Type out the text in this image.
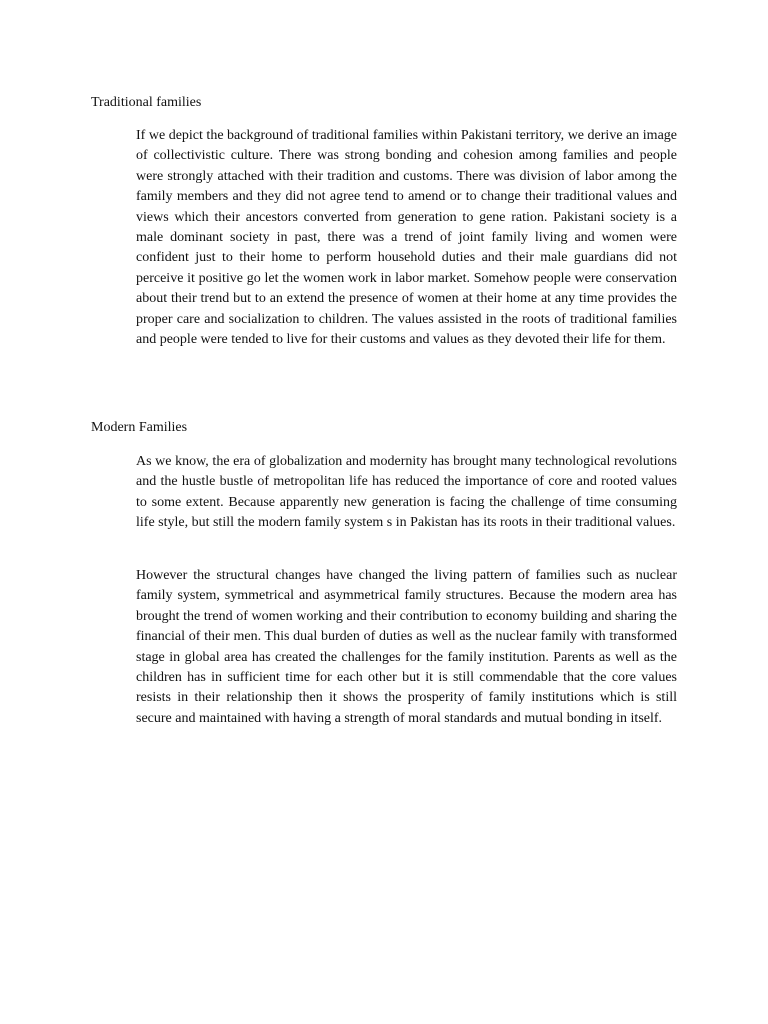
Traditional families

If we depict the background of traditional families within Pakistani territory, we derive an image of collectivistic culture. There was strong bonding and cohesion among families and people were strongly attached with their tradition and customs. There was division of labor among the family members and they did not agree tend to amend or to change their traditional values and views which their ancestors converted from generation to gene ration. Pakistani society is a male dominant society in past, there was a trend of joint family living and women were confident just to their home to perform household duties and their male guardians did not perceive it positive go let the women work in labor market. Somehow people were conservation about their trend but to an extend the presence of women at their home at any time provides the proper care and socialization to children. The values assisted in the roots of traditional families and people were tended to live for their customs and values as they devoted their life for them.

Modern Families

As we know, the era of globalization and modernity has brought many technological revolutions and the hustle bustle of metropolitan life has reduced the importance of core and rooted values to some extent. Because apparently new generation is facing the challenge of time consuming life style, but still the modern family system s in Pakistan has its roots in their traditional values.

However the structural changes have changed the living pattern of families such as nuclear family system, symmetrical and asymmetrical family structures. Because the modern area has brought the trend of women working and their contribution to economy building and sharing the financial of their men. This dual burden of duties as well as the nuclear family with transformed stage in global area has created the challenges for the family institution. Parents as well as the children has in sufficient time for each other but it is still commendable that the core values resists in their relationship then it shows the prosperity of family institutions which is still secure and maintained with having a strength of moral standards and mutual bonding in itself.
